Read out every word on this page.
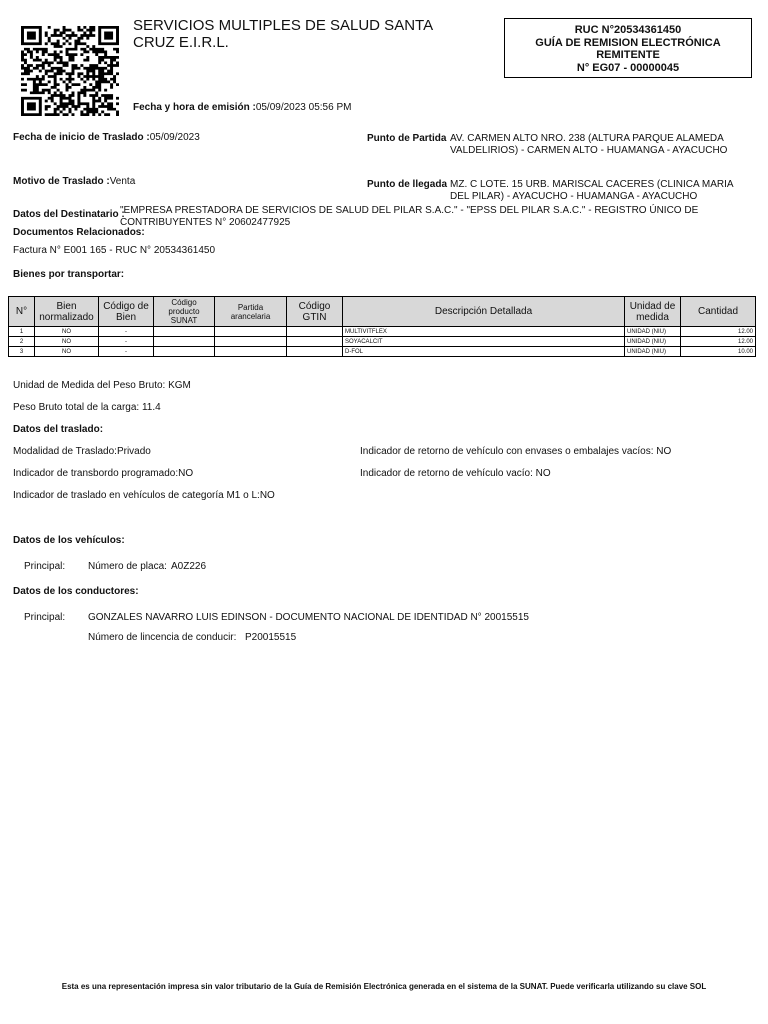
SERVICIOS MULTIPLES DE SALUD SANTA CRUZ E.I.R.L.
RUC N°20534361450
GUÍA DE REMISION ELECTRÓNICA
REMITENTE
N° EG07 - 00000045
Fecha y hora de emisión :05/09/2023 05:56 PM
Fecha de inicio de Traslado :05/09/2023	Punto de Partida AV. CARMEN ALTO NRO. 238 (ALTURA PARQUE ALAMEDA VALDELIRIOS) - CARMEN ALTO - HUAMANGA - AYACUCHO
Motivo de Traslado :Venta	Punto de llegada MZ. C LOTE. 15 URB. MARISCAL CACERES (CLINICA MARIA DEL PILAR) - AYACUCHO - HUAMANGA - AYACUCHO
Datos del Destinatario :
"EMPRESA PRESTADORA DE SERVICIOS DE SALUD DEL PILAR S.A.C." - "EPSS DEL PILAR S.A.C." - REGISTRO ÚNICO DE CONTRIBUYENTES N° 20602477925
Documentos Relacionados:
Factura N° E001 165 - RUC N° 20534361450
Bienes por transportar:
N°	Bien normalizado	Código de Bien	Código producto SUNAT	Partida arancelaria	Código GTIN	Descripción Detallada	Unidad de medida	Cantidad
1	NO	-				MULTIVITFLEX	UNIDAD (NIU)	12.00
2	NO	-				SOYACALCIT	UNIDAD (NIU)	12.00
3	NO	-				D-FOL	UNIDAD (NIU)	10.00
Unidad de Medida del Peso Bruto: KGM
Peso Bruto total de la carga: 11.4
Datos del traslado:
Modalidad de Traslado:Privado	Indicador de retorno de vehículo con envases o embalajes vacíos: NO
Indicador de transbordo programado:NO	Indicador de retorno de vehículo vacío: NO
Indicador de traslado en vehículos de categoría M1 o L:NO
Datos de los vehículos:
Principal: Número de placa: A0Z226
Datos de los conductores:
Principal: GONZALES NAVARRO LUIS EDINSON - DOCUMENTO NACIONAL DE IDENTIDAD N° 20015515
Número de lincencia de conducir: P20015515
Esta es una representación impresa sin valor tributario de la Guía de Remisión Electrónica generada en el sistema de la SUNAT. Puede verificarla utilizando su clave SOL
